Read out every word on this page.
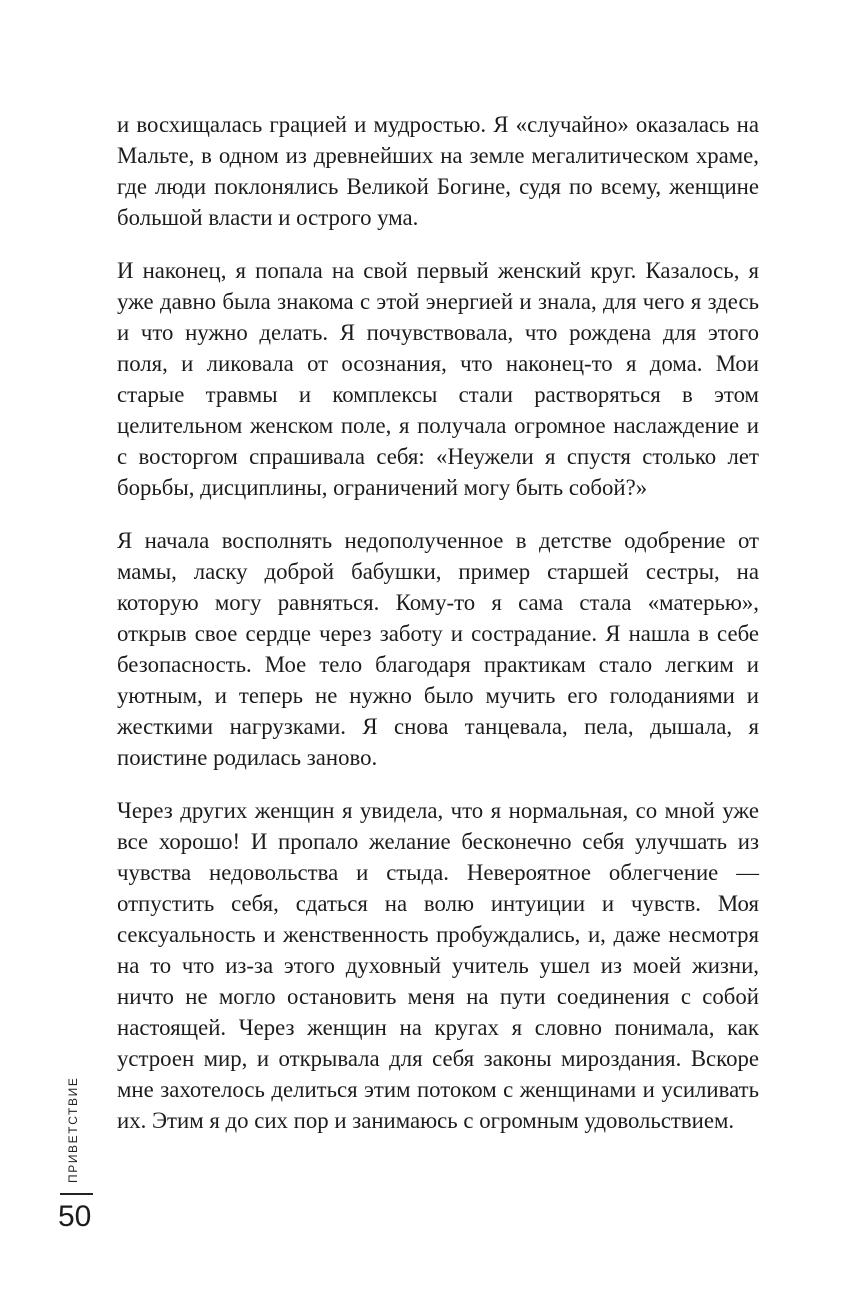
и восхищалась грацией и мудростью. Я «случайно» оказалась на Мальте, в одном из древнейших на земле мегалитическом храме, где люди поклонялись Великой Богине, судя по всему, женщине большой власти и острого ума.

И наконец, я попала на свой первый женский круг. Казалось, я уже давно была знакома с этой энергией и знала, для чего я здесь и что нужно делать. Я почувствовала, что рождена для этого поля, и ликовала от осознания, что наконец-то я дома. Мои старые травмы и комплексы стали растворяться в этом целительном женском поле, я получала огромное наслаждение и с восторгом спрашивала себя: «Неужели я спустя столько лет борьбы, дисциплины, ограничений могу быть собой?»

Я начала восполнять недополученное в детстве одобрение от мамы, ласку доброй бабушки, пример старшей сестры, на которую могу равняться. Кому-то я сама стала «матерью», открыв свое сердце через заботу и сострадание. Я нашла в себе безопасность. Мое тело благодаря практикам стало легким и уютным, и теперь не нужно было мучить его голоданиями и жесткими нагрузками. Я снова танцевала, пела, дышала, я поистине родилась заново.

Через других женщин я увидела, что я нормальная, со мной уже все хорошо! И пропало желание бесконечно себя улучшать из чувства недовольства и стыда. Невероятное облегчение — отпустить себя, сдаться на волю интуиции и чувств. Моя сексуальность и женственность пробуждались, и, даже несмотря на то что из-за этого духовный учитель ушел из моей жизни, ничто не могло остановить меня на пути соединения с собой настоящей. Через женщин на кругах я словно понимала, как устроен мир, и открывала для себя законы мироздания. Вскоре мне захотелось делиться этим потоком с женщинами и усиливать их. Этим я до сих пор и занимаюсь с огромным удовольствием.

ПРИВЕТСТВИЕ
50
